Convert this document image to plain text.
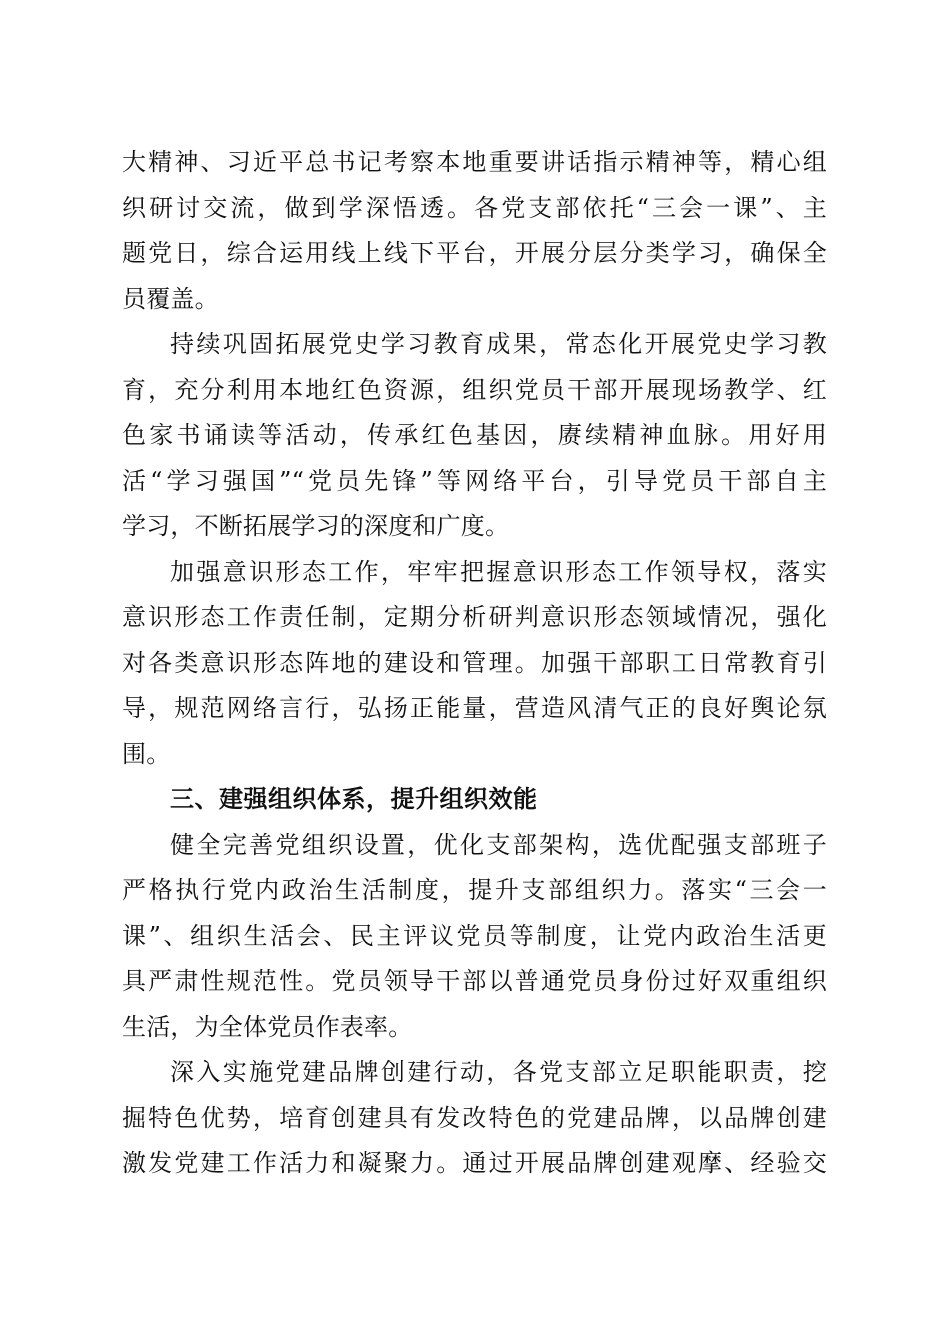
大精神、习近平总书记考察本地重要讲话指示精神等，精心组
织研讨交流，做到学深悟透。各党支部依托“三会一课”、主
题党日，综合运用线上线下平台，开展分层分类学习，确保全
员覆盖。
持续巩固拓展党史学习教育成果，常态化开展党史学习教
育，充分利用本地红色资源，组织党员干部开展现场教学、红
色家书诵读等活动，传承红色基因，赓续精神血脉。用好用
活“学习强国”“党员先锋”等网络平台，引导党员干部自主
学习，不断拓展学习的深度和广度。
加强意识形态工作，牢牢把握意识形态工作领导权，落实
意识形态工作责任制，定期分析研判意识形态领域情况，强化
对各类意识形态阵地的建设和管理。加强干部职工日常教育引
导，规范网络言行，弘扬正能量，营造风清气正的良好舆论氛
围。
三、建强组织体系，提升组织效能
健全完善党组织设置，优化支部架构，选优配强支部班子
严格执行党内政治生活制度，提升支部组织力。落实“三会一
课”、组织生活会、民主评议党员等制度，让党内政治生活更
具严肃性规范性。党员领导干部以普通党员身份过好双重组织
生活，为全体党员作表率。
深入实施党建品牌创建行动，各党支部立足职能职责，挖
掘特色优势，培育创建具有发改特色的党建品牌，以品牌创建
激发党建工作活力和凝聚力。通过开展品牌创建观摩、经验交
